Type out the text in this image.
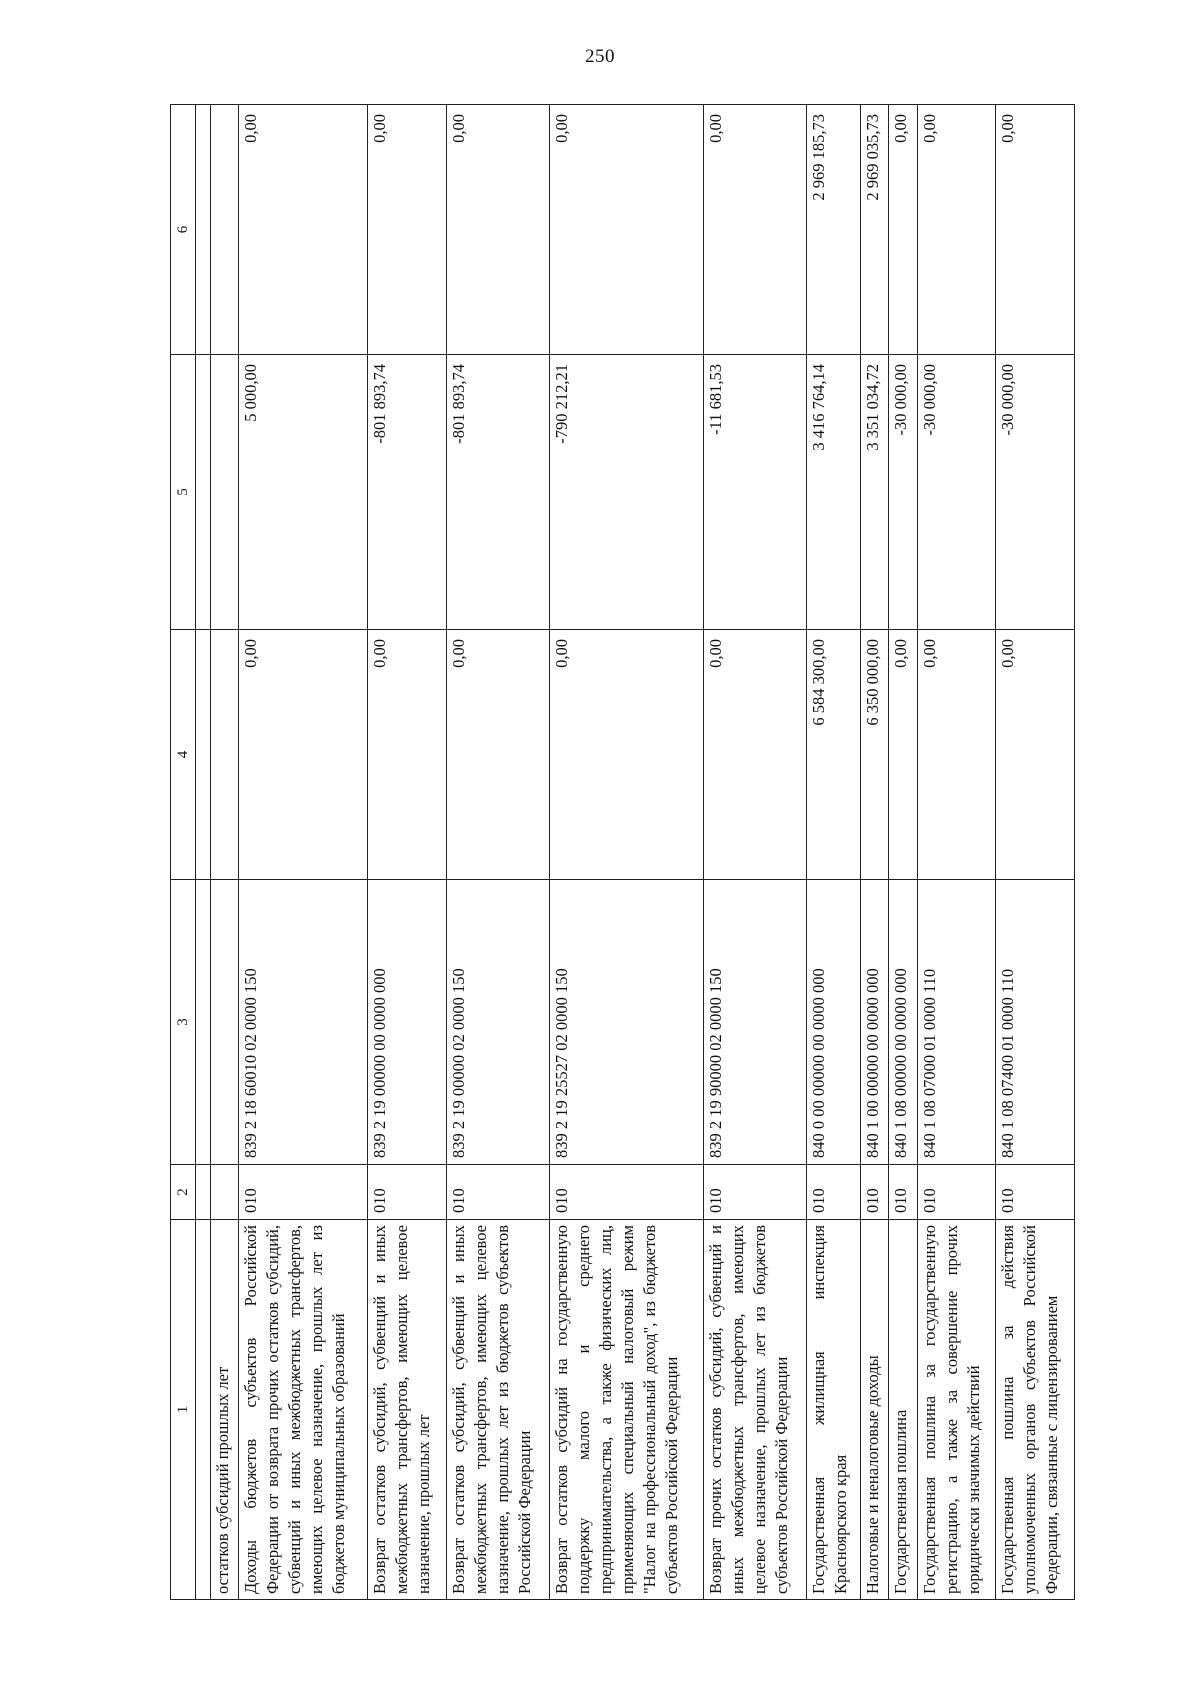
250
1	2	3	4	5	6

остатков субсидий прошлых лет					
Доходы бюджетов субъектов Российской Федерации от возврата прочих остатков субсидий, субвенций и иных межбюджетных трансфертов, имеющих целевое назначение, прошлых лет из бюджетов муниципальных образований	010	839 2 18 60010 02 0000 150	0,00	5 000,00	0,00
Возврат остатков субсидий, субвенций и иных межбюджетных трансфертов, имеющих целевое назначение, прошлых лет	010	839 2 19 00000 00 0000 000	0,00	-801 893,74	0,00
Возврат остатков субсидий, субвенций и иных межбюджетных трансфертов, имеющих целевое назначение, прошлых лет из бюджетов субъектов Российской Федерации	010	839 2 19 00000 02 0000 150	0,00	-801 893,74	0,00
Возврат остатков субсидий на государственную поддержку малого и среднего предпринимательства, а также физических лиц, применяющих специальный налоговый режим "Налог на профессиональный доход", из бюджетов субъектов Российской Федерации	010	839 2 19 25527 02 0000 150	0,00	-790 212,21	0,00
Возврат прочих остатков субсидий, субвенций и иных межбюджетных трансфертов, имеющих целевое назначение, прошлых лет из бюджетов субъектов Российской Федерации	010	839 2 19 90000 02 0000 150	0,00	-11 681,53	0,00
Государственная жилищная инспекция Красноярского края	010	840 0 00 00000 00 0000 000	6 584 300,00	3 416 764,14	2 969 185,73
Налоговые и неналоговые доходы	010	840 1 00 00000 00 0000 000	6 350 000,00	3 351 034,72	2 969 035,73
Государственная пошлина	010	840 1 08 00000 00 0000 000	0,00	-30 000,00	0,00
Государственная пошлина за государственную регистрацию, а также за совершение прочих юридически значимых действий	010	840 1 08 07000 01 0000 110	0,00	-30 000,00	0,00
Государственная пошлина за действия уполномоченных органов субъектов Российской Федерации, связанные с лицензированием	010	840 1 08 07400 01 0000 110	0,00	-30 000,00	0,00
